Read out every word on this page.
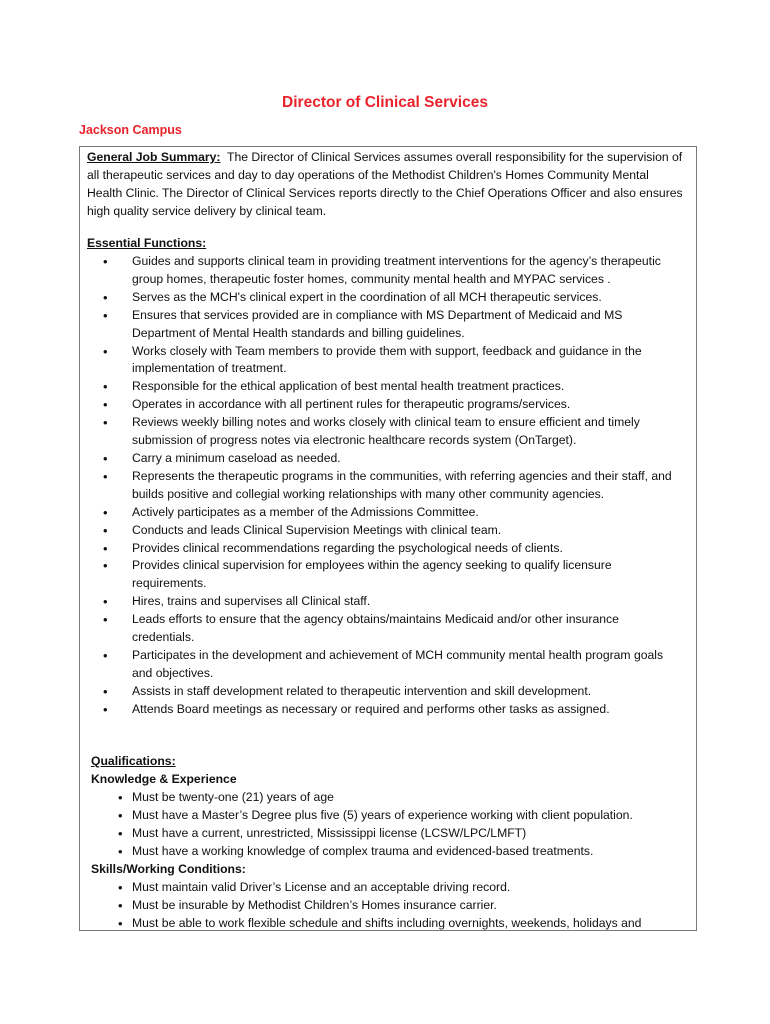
Director of Clinical Services
Jackson Campus
General Job Summary: The Director of Clinical Services assumes overall responsibility for the supervision of all therapeutic services and day to day operations of the Methodist Children's Homes Community Mental Health Clinic. The Director of Clinical Services reports directly to the Chief Operations Officer and also ensures high quality service delivery by clinical team.
Essential Functions:
• Guides and supports clinical team in providing treatment interventions for the agency’s therapeutic group homes, therapeutic foster homes, community mental health and MYPAC services .
• Serves as the MCH's clinical expert in the coordination of all MCH therapeutic services.
• Ensures that services provided are in compliance with MS Department of Medicaid and MS Department of Mental Health standards and billing guidelines.
• Works closely with Team members to provide them with support, feedback and guidance in the implementation of treatment.
• Responsible for the ethical application of best mental health treatment practices.
• Operates in accordance with all pertinent rules for therapeutic programs/services.
• Reviews weekly billing notes and works closely with clinical team to ensure efficient and timely submission of progress notes via electronic healthcare records system (OnTarget).
• Carry a minimum caseload as needed.
• Represents the therapeutic programs in the communities, with referring agencies and their staff, and builds positive and collegial working relationships with many other community agencies.
• Actively participates as a member of the Admissions Committee.
• Conducts and leads Clinical Supervision Meetings with clinical team.
• Provides clinical recommendations regarding the psychological needs of clients.
• Provides clinical supervision for employees within the agency seeking to qualify licensure requirements.
• Hires, trains and supervises all Clinical staff.
• Leads efforts to ensure that the agency obtains/maintains Medicaid and/or other insurance credentials.
• Participates in the development and achievement of MCH community mental health program goals and objectives.
• Assists in staff development related to therapeutic intervention and skill development.
• Attends Board meetings as necessary or required and performs other tasks as assigned.
Qualifications:
Knowledge & Experience
• Must be twenty-one (21) years of age
• Must have a Master’s Degree plus five (5) years of experience working with client population.
• Must have a current, unrestricted, Mississippi license (LCSW/LPC/LMFT)
• Must have a working knowledge of complex trauma and evidenced-based treatments.
Skills/Working Conditions:
• Must maintain valid Driver’s License and an acceptable driving record.
• Must be insurable by Methodist Children’s Homes insurance carrier.
• Must be able to work flexible schedule and shifts including overnights, weekends, holidays and
